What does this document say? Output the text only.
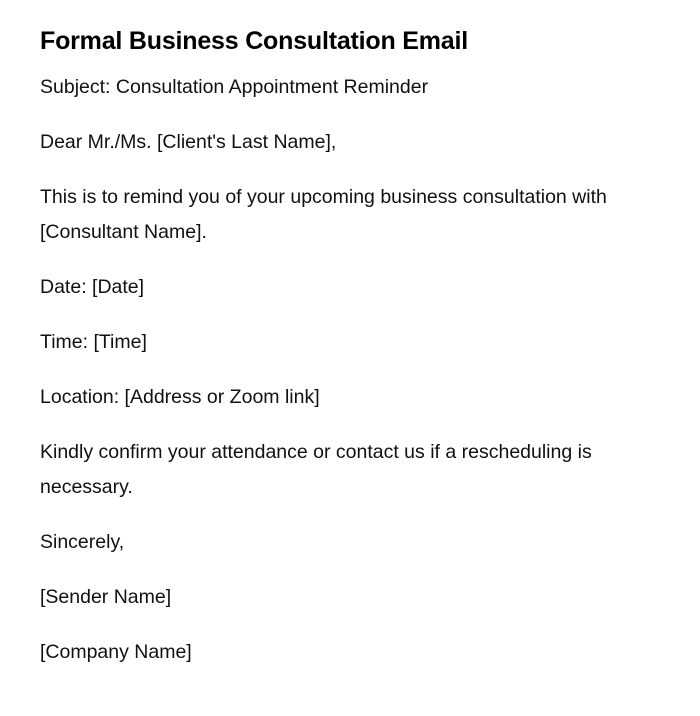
Formal Business Consultation Email

Subject: Consultation Appointment Reminder

Dear Mr./Ms. [Client's Last Name],

This is to remind you of your upcoming business consultation with [Consultant Name].

Date: [Date]

Time: [Time]

Location: [Address or Zoom link]

Kindly confirm your attendance or contact us if a rescheduling is necessary.

Sincerely,

[Sender Name]

[Company Name]
